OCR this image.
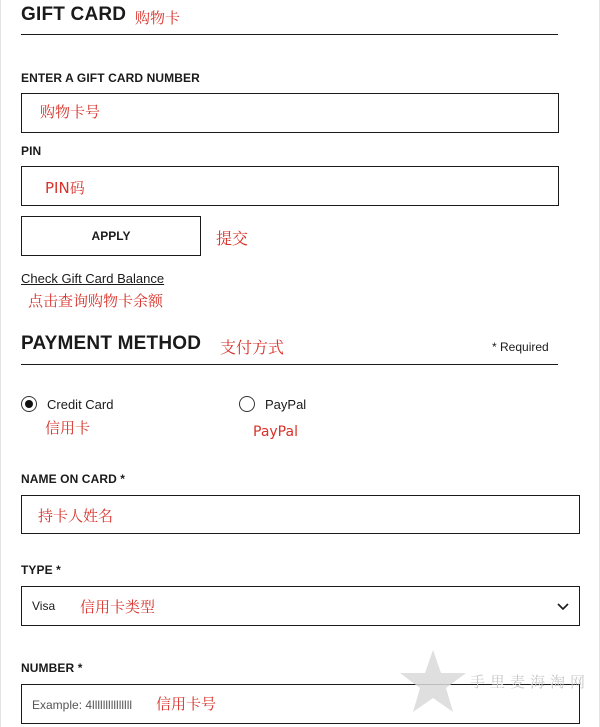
GIFT CARD 购物卡
ENTER A GIFT CARD NUMBER
购物卡号
PIN
PIN码
APPLY	提交
Check Gift Card Balance
点击查询购物卡余额
PAYMENT METHOD 支付方式	* Required
Credit Card
信用卡
PayPal
PayPal
NAME ON CARD *
持卡人姓名
TYPE *
Visa 信用卡类型
NUMBER *
Example: 4lllllllllllllll 信用卡号
手里麦海淘网
